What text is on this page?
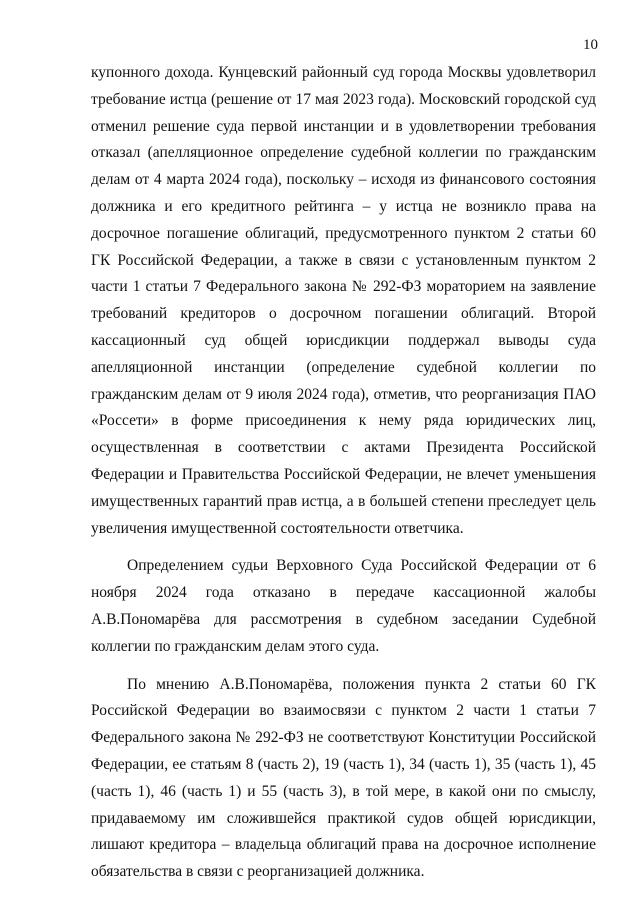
10

купонного дохода. Кунцевский районный суд города Москвы удовлетворил требование истца (решение от 17 мая 2023 года). Московский городской суд отменил решение суда первой инстанции и в удовлетворении требования отказал (апелляционное определение судебной коллегии по гражданским делам от 4 марта 2024 года), поскольку – исходя из финансового состояния должника и его кредитного рейтинга – у истца не возникло права на досрочное погашение облигаций, предусмотренного пунктом 2 статьи 60 ГК Российской Федерации, а также в связи с установленным пунктом 2 части 1 статьи 7 Федерального закона № 292-ФЗ мораторием на заявление требований кредиторов о досрочном погашении облигаций. Второй кассационный суд общей юрисдикции поддержал выводы суда апелляционной инстанции (определение судебной коллегии по гражданским делам от 9 июля 2024 года), отметив, что реорганизация ПАО «Россети» в форме присоединения к нему ряда юридических лиц, осуществленная в соответствии с актами Президента Российской Федерации и Правительства Российской Федерации, не влечет уменьшения имущественных гарантий прав истца, а в большей степени преследует цель увеличения имущественной состоятельности ответчика.

Определением судьи Верховного Суда Российской Федерации от 6 ноября 2024 года отказано в передаче кассационной жалобы А.В.Пономарёва для рассмотрения в судебном заседании Судебной коллегии по гражданским делам этого суда.

По мнению А.В.Пономарёва, положения пункта 2 статьи 60 ГК Российской Федерации во взаимосвязи с пунктом 2 части 1 статьи 7 Федерального закона № 292-ФЗ не соответствуют Конституции Российской Федерации, ее статьям 8 (часть 2), 19 (часть 1), 34 (часть 1), 35 (часть 1), 45 (часть 1), 46 (часть 1) и 55 (часть 3), в той мере, в какой они по смыслу, придаваемому им сложившейся практикой судов общей юрисдикции, лишают кредитора – владельца облигаций права на досрочное исполнение обязательства в связи с реорганизацией должника.
